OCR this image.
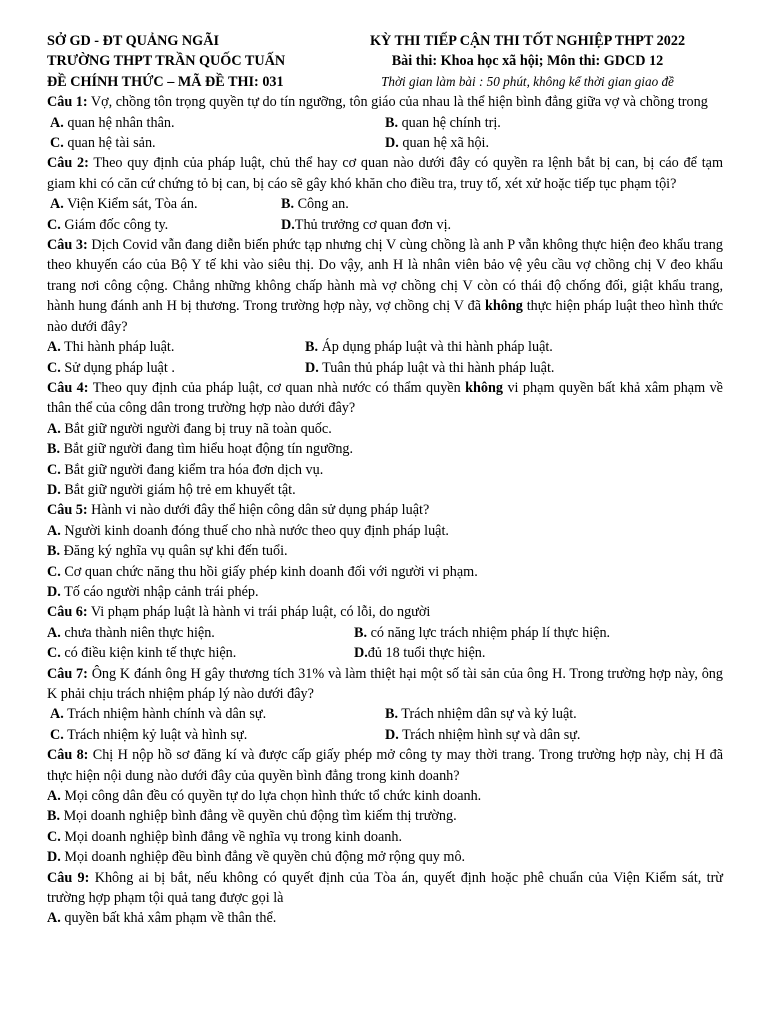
SỞ GD - ĐT QUẢNG NGÃI
TRƯỜNG THPT TRẦN QUỐC TUẤN
ĐỀ CHÍNH THỨC – MÃ ĐỀ THI: 031
KỲ THI TIẾP CẬN THI TỐT NGHIỆP THPT 2022
Bài thi: Khoa học xã hội; Môn thi: GDCD 12
Thời gian làm bài : 50 phút, không kể thời gian giao đề

Câu 1: Vợ, chồng tôn trọng quyền tự do tín ngưỡng, tôn giáo của nhau là thể hiện bình đẳng giữa vợ và chồng trong

A. quan hệ nhân thân.	B. quan hệ chính trị.
C. quan hệ tài sản.	D. quan hệ xã hội.

Câu 2: Theo quy định của pháp luật, chủ thể hay cơ quan nào dưới đây có quyền ra lệnh bắt bị can, bị cáo để tạm giam khi có căn cứ chứng tỏ bị can, bị cáo sẽ gây khó khăn cho điều tra, truy tố, xét xử hoặc tiếp tục phạm tội?

A. Viện Kiểm sát, Tòa án.	B. Công an.
C. Giám đốc công ty.	D.Thủ trưởng cơ quan đơn vị.

Câu 3: Dịch Covid vẫn đang diễn biến phức tạp nhưng chị V cùng chồng là anh P vẫn không thực hiện đeo khẩu trang theo khuyến cáo của Bộ Y tế khi vào siêu thị. Do vậy, anh H là nhân viên bảo vệ yêu cầu vợ chồng chị V đeo khẩu trang nơi công cộng. Chẳng những không chấp hành mà vợ chồng chị V còn có thái độ chống đối, giật khẩu trang, hành hung đánh anh H bị thương. Trong trường hợp này, vợ chồng chị V đã không thực hiện pháp luật theo hình thức nào dưới đây?

A. Thi hành pháp luật.	B. Áp dụng pháp luật và thi hành pháp luật.
C. Sử dụng pháp luật .	D. Tuân thủ pháp luật và thi hành pháp luật.

Câu 4: Theo quy định của pháp luật, cơ quan nhà nước có thẩm quyền không vi phạm quyền bất khả xâm phạm về thân thể của công dân trong trường hợp nào dưới đây?

A. Bắt giữ người người đang bị truy nã toàn quốc.
B. Bắt giữ người đang tìm hiểu hoạt động tín ngưỡng.
C. Bắt giữ người đang kiểm tra hóa đơn dịch vụ.
D. Bắt giữ người giám hộ trẻ em khuyết tật.

Câu 5: Hành vi nào dưới đây thể hiện công dân sử dụng pháp luật?

A. Người kinh doanh đóng thuế cho nhà nước theo quy định pháp luật.
B. Đăng ký nghĩa vụ quân sự khi đến tuổi.
C. Cơ quan chức năng thu hồi giấy phép kinh doanh đối với người vi phạm.
D. Tố cáo người nhập cảnh trái phép.

Câu 6: Vi phạm pháp luật là hành vi trái pháp luật, có lỗi, do người

A. chưa thành niên thực hiện.	B. có năng lực trách nhiệm pháp lí thực hiện.
C. có điều kiện kinh tế thực hiện.	D.đủ 18 tuổi thực hiện.

Câu 7: Ông K đánh ông H gây thương tích 31% và làm thiệt hại một số tài sản của ông H. Trong trường hợp này, ông K phải chịu trách nhiệm pháp lý nào dưới đây?

A. Trách nhiệm hành chính và dân sự.	B. Trách nhiệm dân sự và kỷ luật.
C. Trách nhiệm kỷ luật và hình sự.	D. Trách nhiệm hình sự và dân sự.

Câu 8: Chị H nộp hồ sơ đăng kí và được cấp giấy phép mở công ty may thời trang. Trong trường hợp này, chị H đã thực hiện nội dung nào dưới đây của quyền bình đẳng trong kinh doanh?

A. Mọi công dân đều có quyền tự do lựa chọn hình thức tổ chức kinh doanh.
B. Mọi doanh nghiệp bình đẳng về quyền chủ động tìm kiếm thị trường.
C. Mọi doanh nghiệp bình đẳng về nghĩa vụ trong kinh doanh.
D. Mọi doanh nghiệp đều bình đẳng về quyền chủ động mở rộng quy mô.

Câu 9: Không ai bị bắt, nếu không có quyết định của Tòa án, quyết định hoặc phê chuẩn của Viện Kiểm sát, trừ trường hợp phạm tội quả tang được gọi là

A. quyền bất khả xâm phạm về thân thể.
